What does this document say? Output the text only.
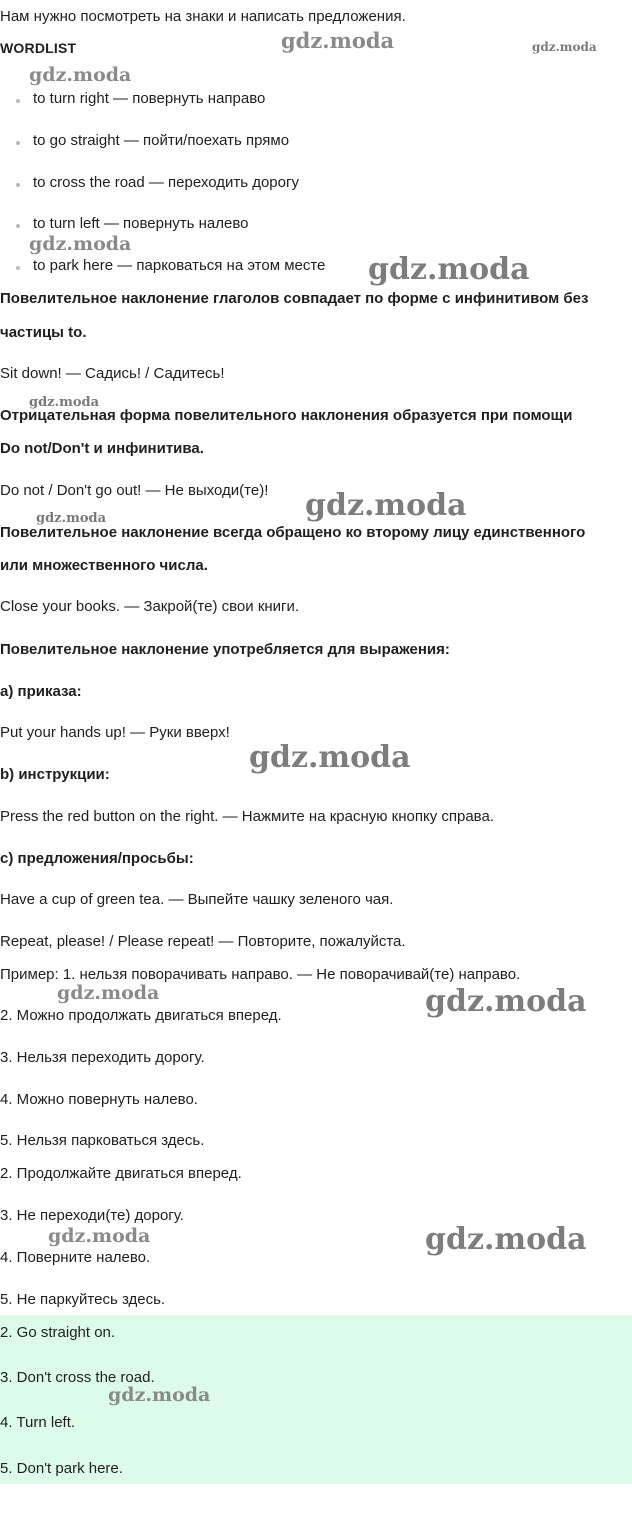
Нам нужно посмотреть на знаки и написать предложения.
WORDLIST
to turn right — повернуть направо
to go straight — пойти/поехать прямо
to cross the road — переходить дорогу
to turn left — повернуть налево
to park here — парковаться на этом месте
Повелительное наклонение глаголов совпадает по форме с инфинитивом без
частицы to.
Sit down! — Садись! / Садитесь!
Отрицательная форма повелительного наклонения образуется при помощи
Do not/Don't и инфинитива.
Do not / Don't go out! — Не выходи(те)!
Повелительное наклонение всегда обращено ко второму лицу единственного
или множественного числа.
Close your books. — Закрой(те) свои книги.
Повелительное наклонение употребляется для выражения:
a) приказа:
Put your hands up! — Руки вверх!
b) инструкции:
Press the red button on the right. — Нажмите на красную кнопку справа.
c) предложения/просьбы:
Have a cup of green tea. — Выпейте чашку зеленого чая.
Repeat, please! / Please repeat! — Повторите, пожалуйста.
Пример: 1. нельзя поворачивать направо. — Не поворачивай(те) направо.
2. Можно продолжать двигаться вперед.
3. Нельзя переходить дорогу.
4. Можно повернуть налево.
5. Нельзя парковаться здесь.
2. Продолжайте двигаться вперед.
3. Не переходи(те) дорогу.
4. Поверните налево.
5. Не паркуйтесь здесь.
2. Go straight on.
3. Don't cross the road.
4. Turn left.
5. Don't park here.
gdz.moda	gdz.moda
gdz.moda
gdz.moda
gdz.moda
gdz.moda
gdz.moda
gdz.moda
gdz.moda
gdz.moda	gdz.moda
gdz.moda	gdz.moda
gdz.moda
